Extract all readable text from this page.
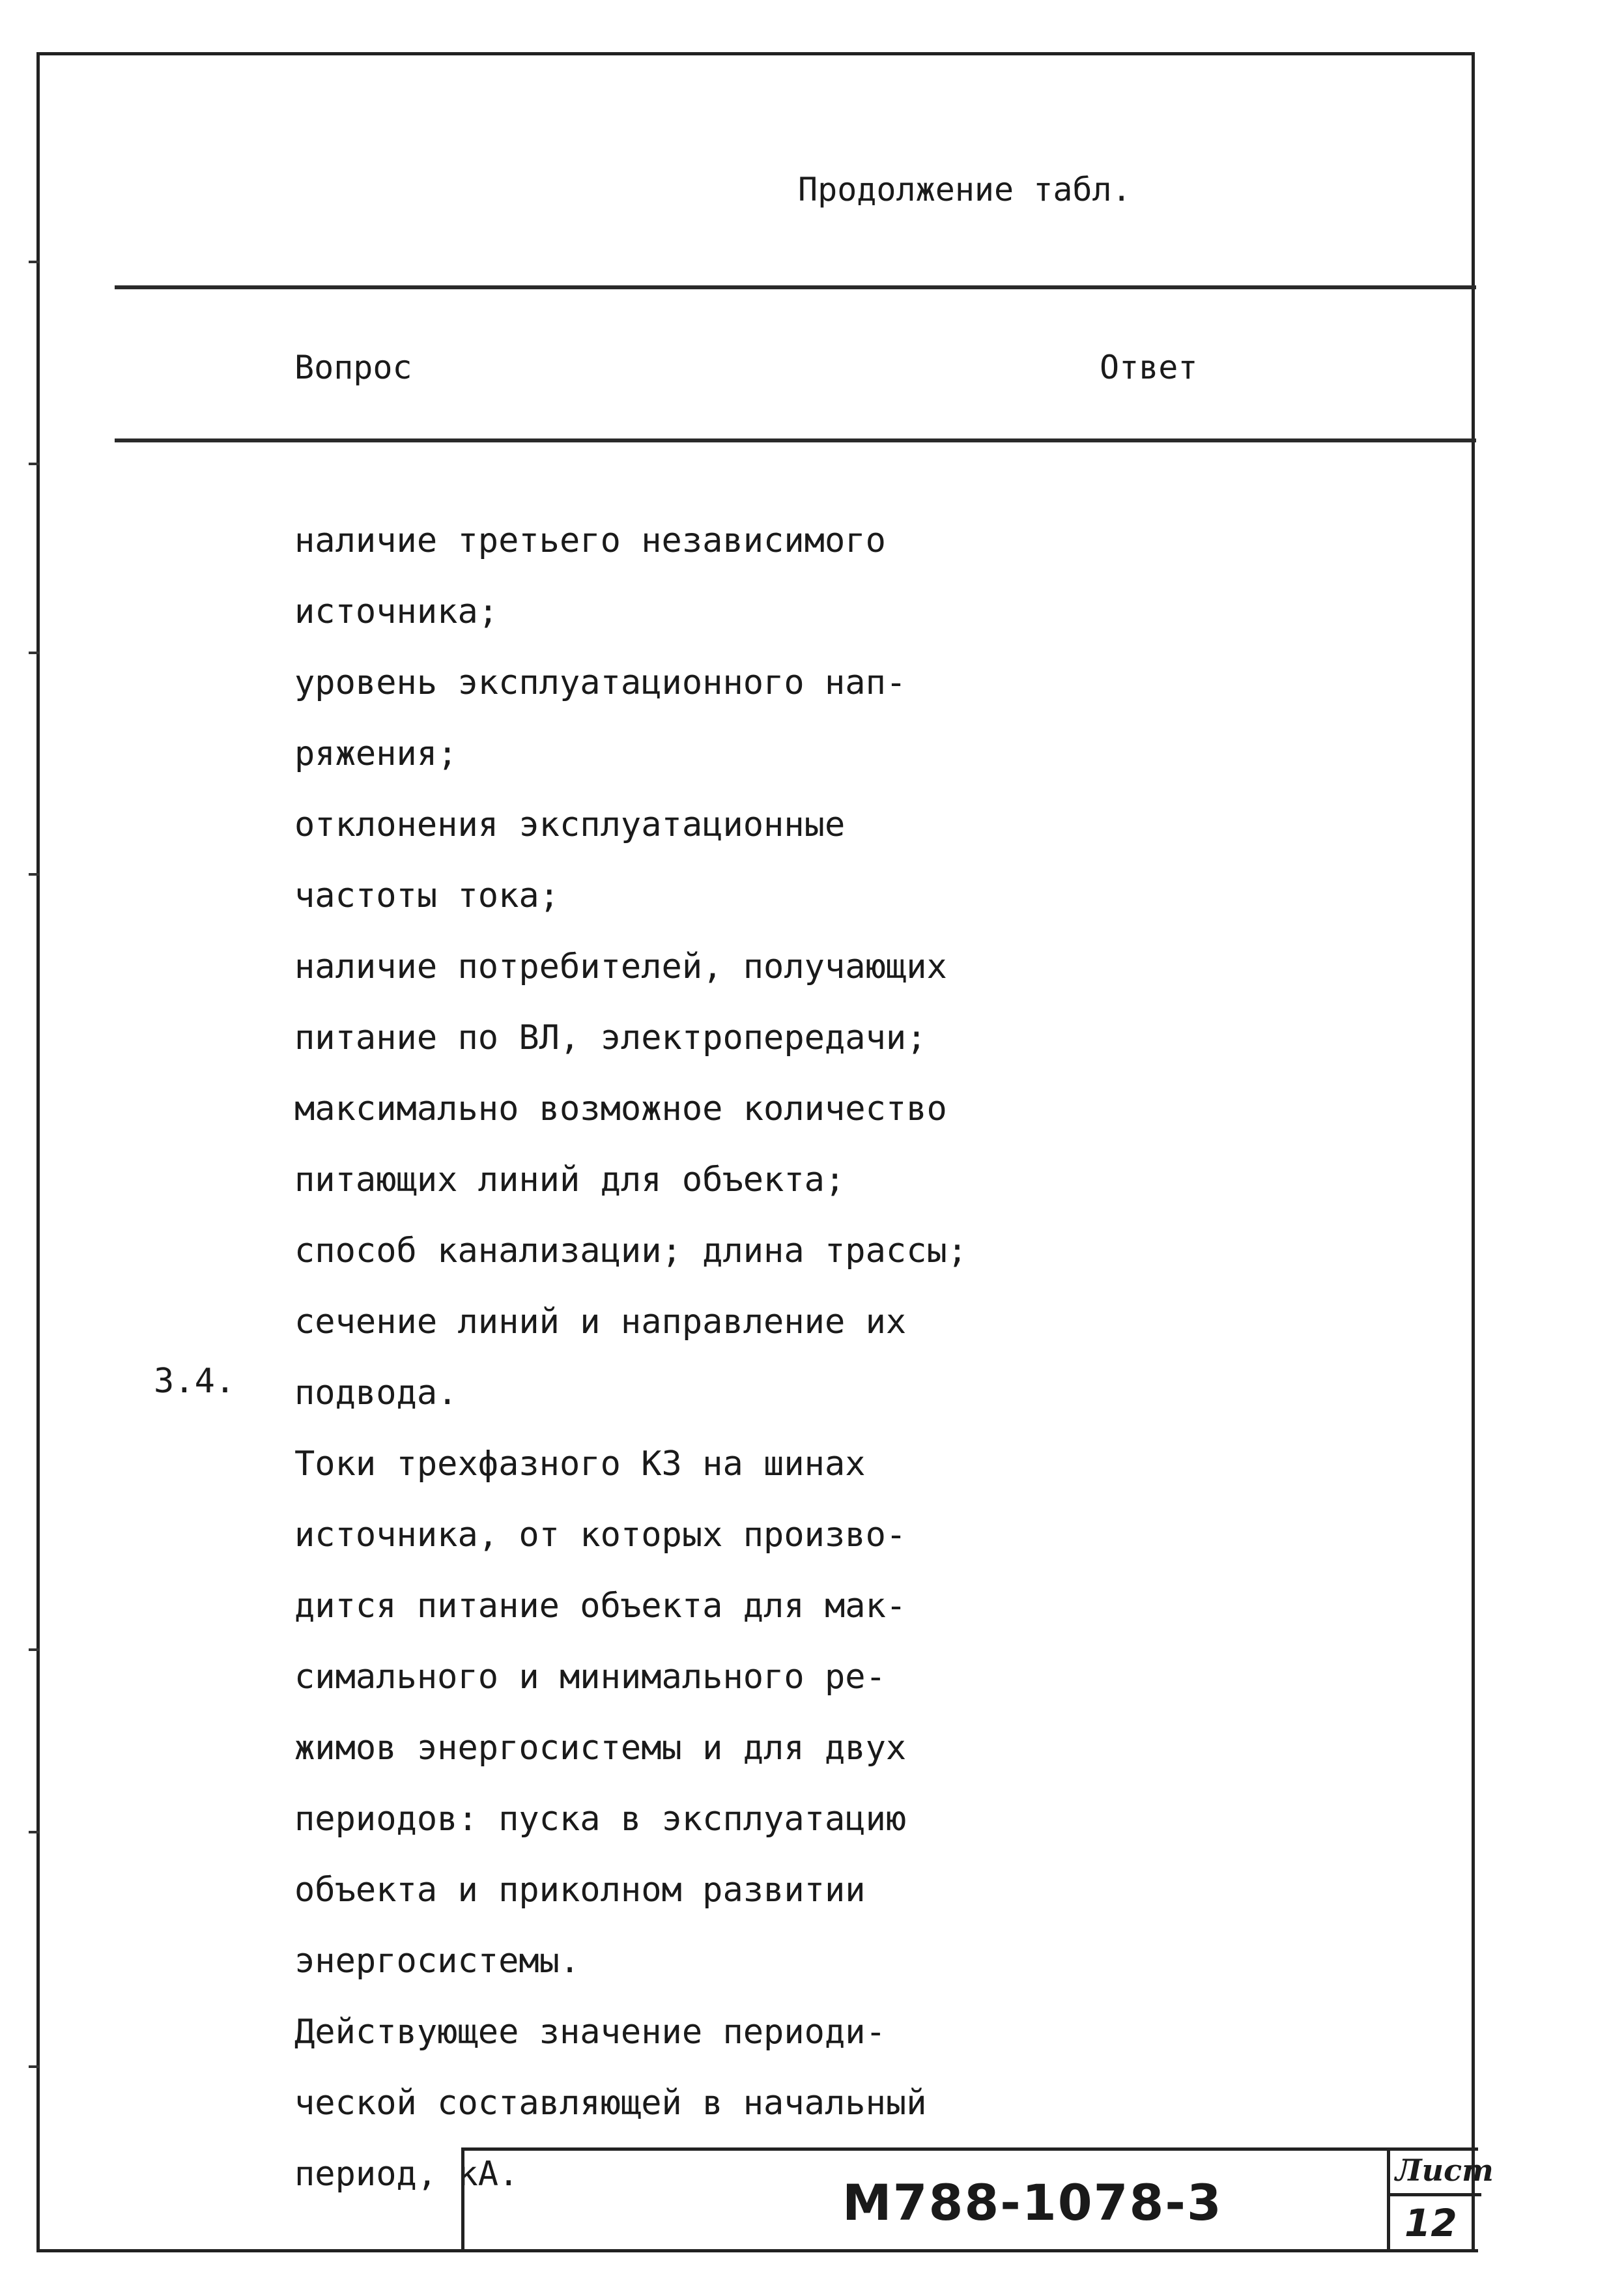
Продолжение табл.
Вопрос	Ответ
наличие третьего независимого
источника;
уровень эксплуатационного нап-
ряжения;
отклонения эксплуатационные
частоты тока;
наличие потребителей, получающих
питание по ВЛ, электропередачи;
максимально возможное количество
питающих линий для объекта;
способ канализации; длина трассы;
сечение линий и направление их
подвода.
Токи трехфазного КЗ на шинах
источника, от которых произво-
дится питание объекта для мак-
симального и минимального ре-
жимов энергосистемы и для двух
периодов: пуска в эксплуатацию
объекта и приколном развитии
энергосистемы.
Действующее значение периоди-
ческой составляющей в начальный
период, кА.
3.4.
М788-1078-3
Лист
12
